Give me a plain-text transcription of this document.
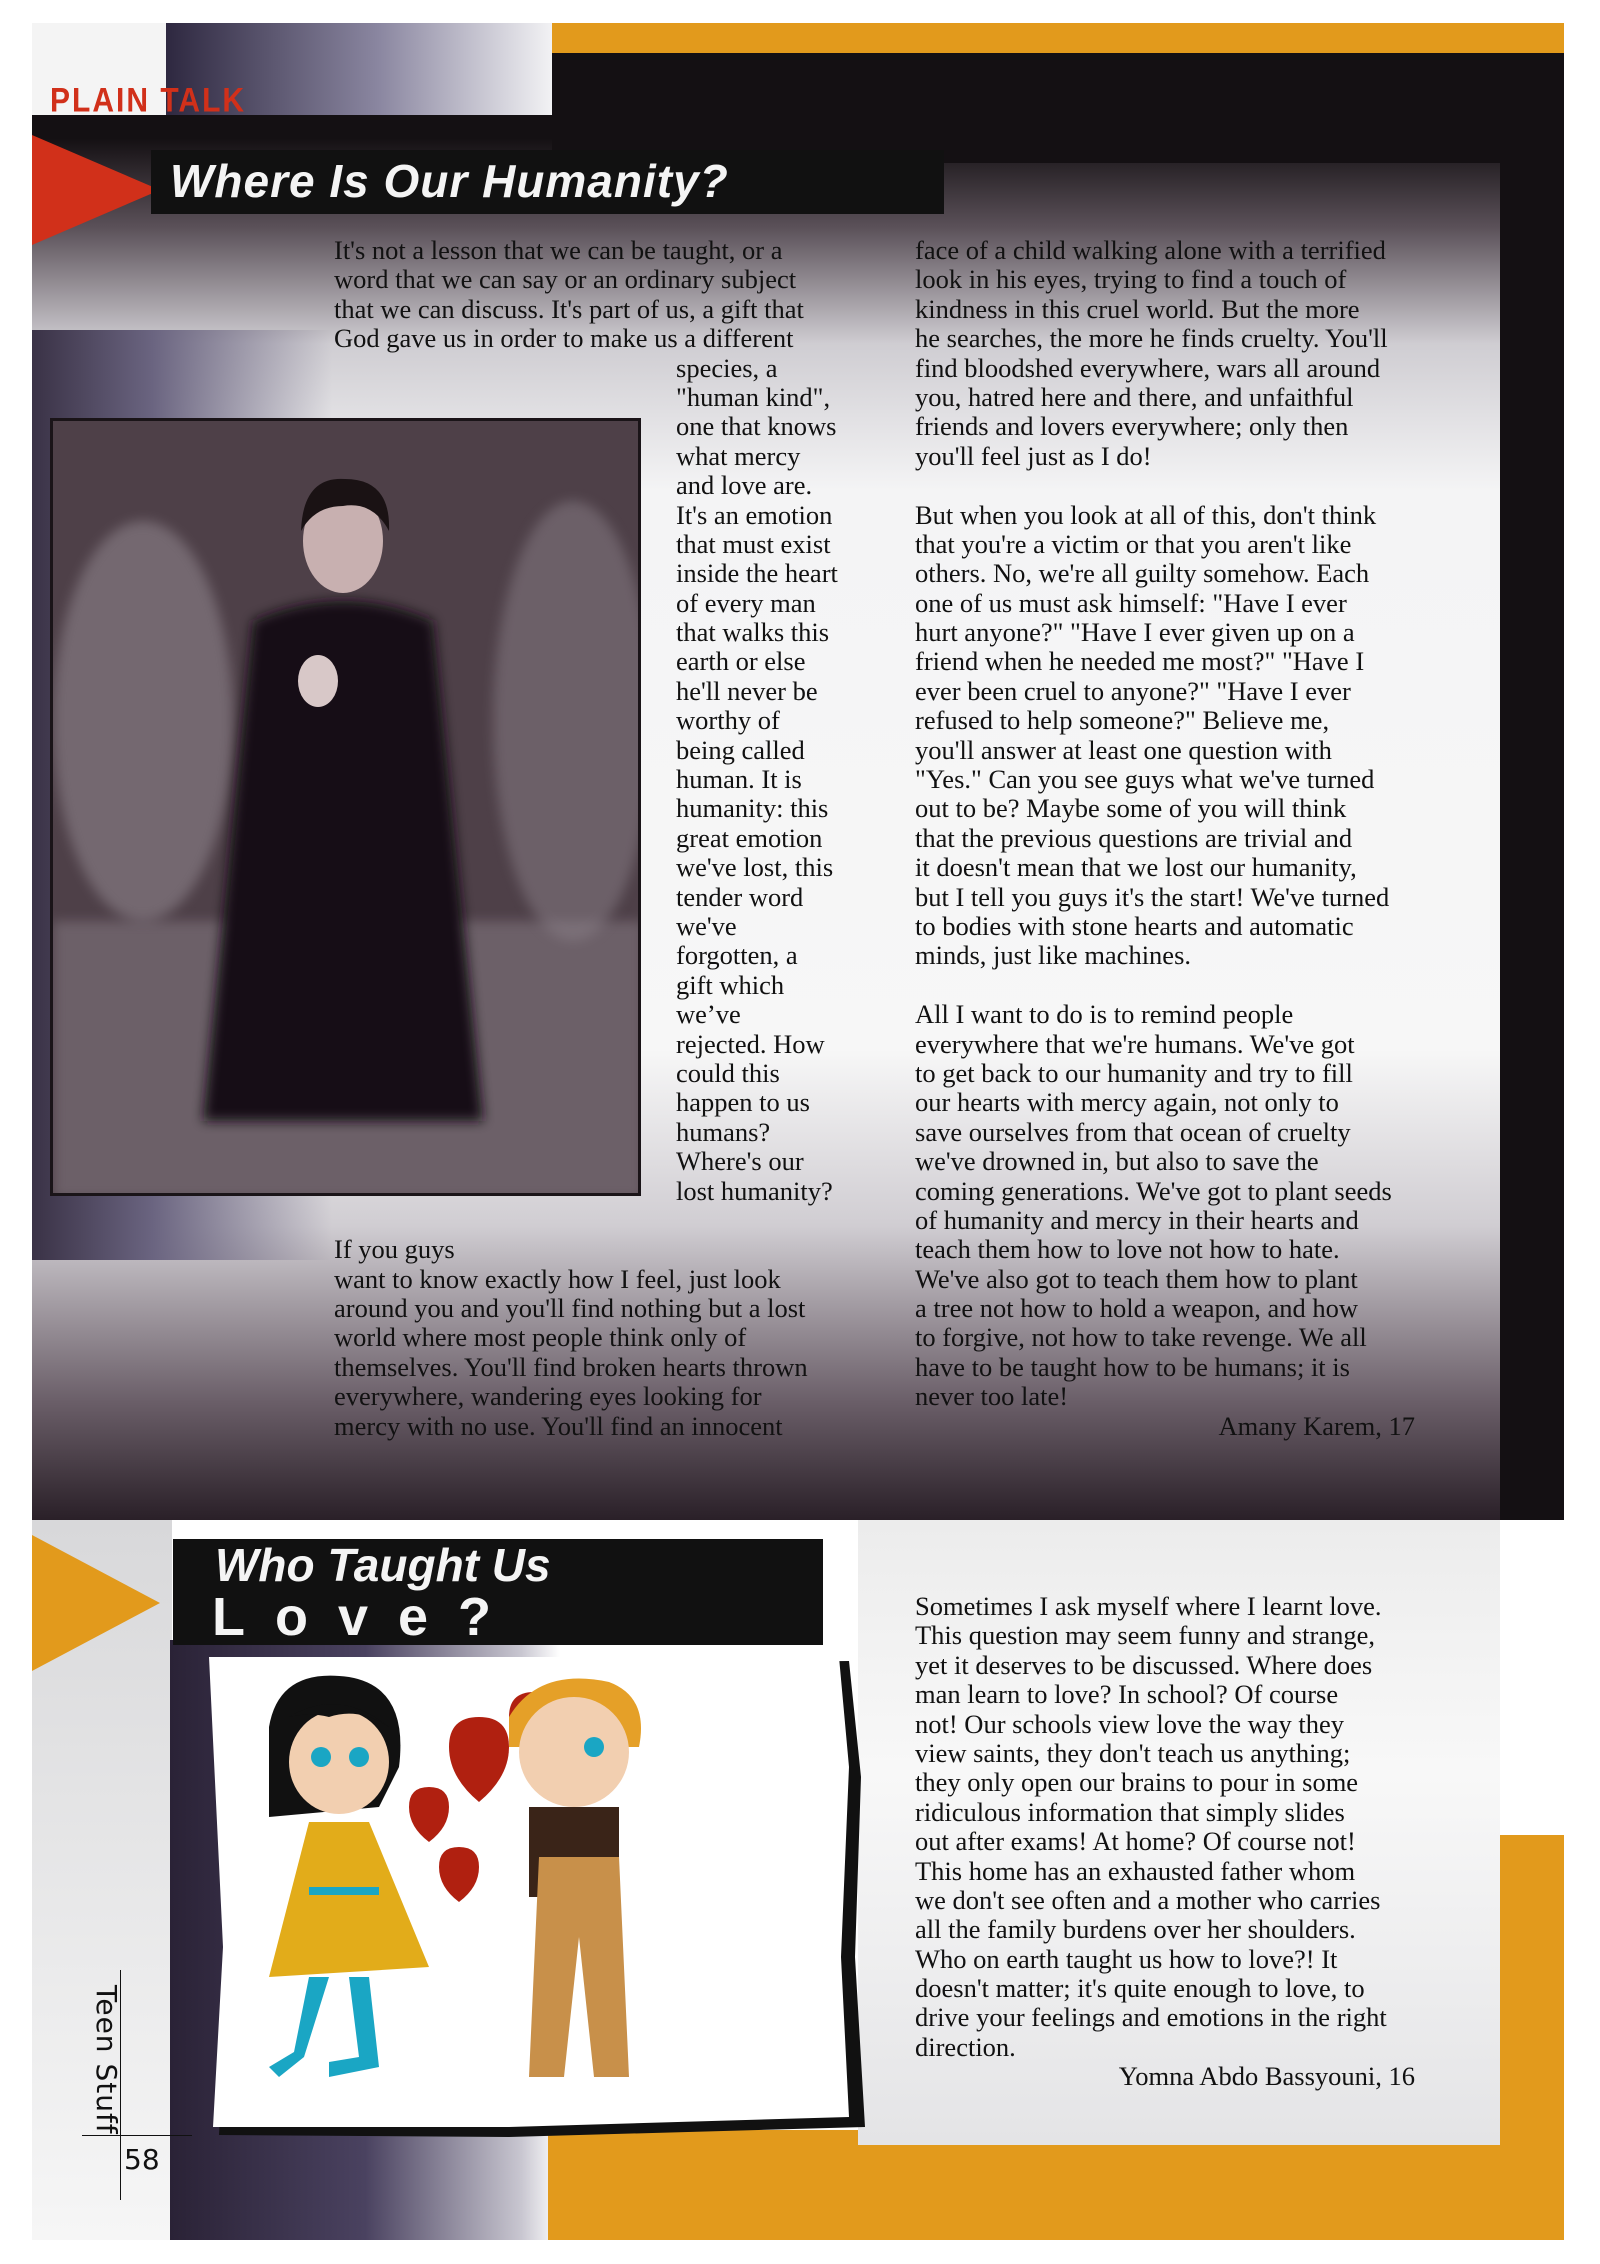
PLAIN TALK
Where Is Our Humanity?
It's not a lesson that we can be taught, or a
word that we can say or an ordinary subject
that we can discuss. It's part of us, a gift that
God gave us in order to make us a different
species, a
"human kind",
one that knows
what mercy
and love are.
It's an emotion
that must exist
inside the heart
of every man
that walks this
earth or else
he'll never be
worthy of
being called
human. It is
humanity: this
great emotion
we've lost, this
tender word
we've
forgotten, a
gift which
we’ve
rejected. How
could this
happen to us
humans?
Where's our
lost humanity?
If you guys
want to know exactly how I feel, just look
around you and you'll find nothing but a lost
world where most people think only of
themselves. You'll find broken hearts thrown
everywhere, wandering eyes looking for
mercy with no use. You'll find an innocent
face of a child walking alone with a terrified
look in his eyes, trying to find a touch of
kindness in this cruel world. But the more
he searches, the more he finds cruelty. You'll
find bloodshed everywhere, wars all around
you, hatred here and there, and unfaithful
friends and lovers everywhere; only then
you'll feel just as I do!
But when you look at all of this, don't think
that you're a victim or that you aren't like
others. No, we're all guilty somehow. Each
one of us must ask himself: "Have I ever
hurt anyone?" "Have I ever given up on a
friend when he needed me most?" "Have I
ever been cruel to anyone?" "Have I ever
refused to help someone?" Believe me,
you'll answer at least one question with
"Yes." Can you see guys what we've turned
out to be? Maybe some of you will think
that the previous questions are trivial and
it doesn't mean that we lost our humanity,
but I tell you guys it's the start! We've turned
to bodies with stone hearts and automatic
minds, just like machines.
All I want to do is to remind people
everywhere that we're humans. We've got
to get back to our humanity and try to fill
our hearts with mercy again, not only to
save ourselves from that ocean of cruelty
we've drowned in, but also to save the
coming generations. We've got to plant seeds
of humanity and mercy in their hearts and
teach them how to love not how to hate.
We've also got to teach them how to plant
a tree not how to hold a weapon, and how
to forgive, not how to take revenge. We all
have to be taught how to be humans; it is
never too late!
Amany Karem, 17
Who Taught Us
Love?	Sometimes I ask myself where I learnt love.
This question may seem funny and strange,
yet it deserves to be discussed. Where does
man learn to love? In school? Of course
not! Our schools view love the way they
view saints, they don't teach us anything;
they only open our brains to pour in some
ridiculous information that simply slides
out after exams! At home? Of course not!
This home has an exhausted father whom
we don't see often and a mother who carries
all the family burdens over her shoulders.
Who on earth taught us how to love?! It
doesn't matter; it's quite enough to love, to
drive your feelings and emotions in the right
direction.
Yomna Abdo Bassyouni, 16
Teen Stuff
58
